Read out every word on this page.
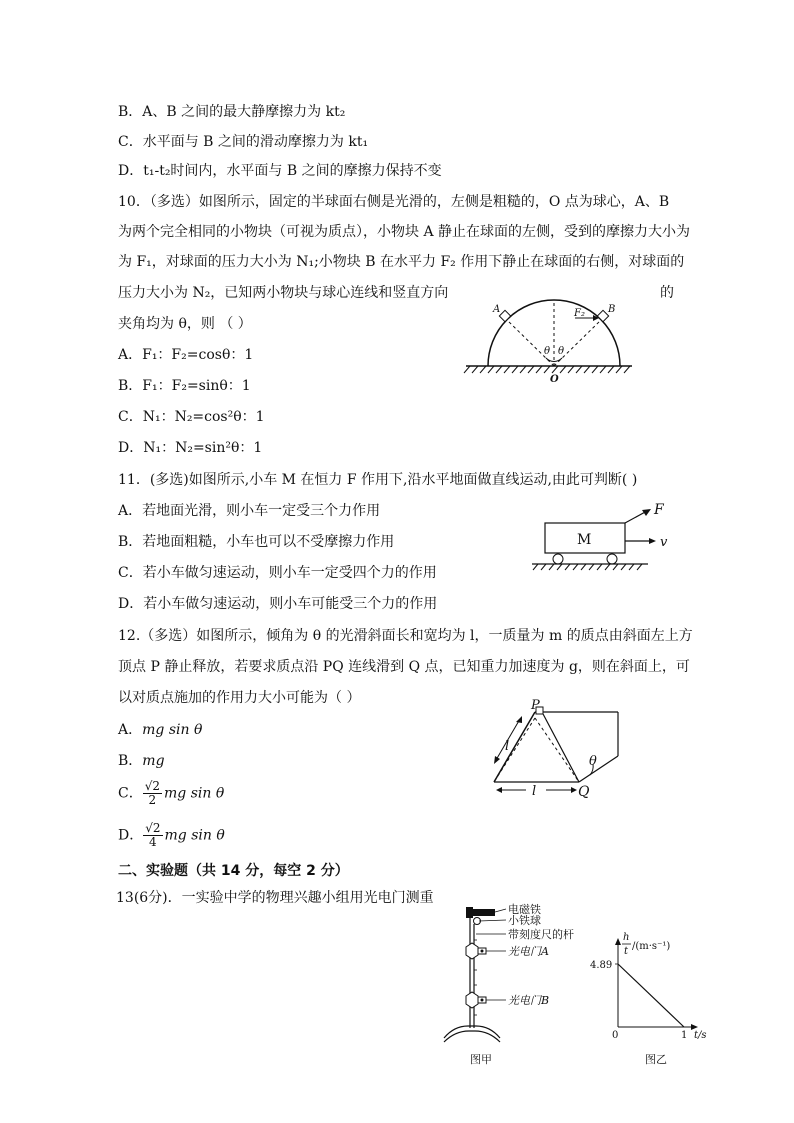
B．A、B 之间的最大静摩擦力为 kt₂
C．水平面与 B 之间的滑动摩擦力为 kt₁
D．t₁-t₂时间内，水平面与 B 之间的摩擦力保持不变
10．（多选）如图所示，固定的半球面右侧是光滑的，左侧是粗糙的，O 点为球心，A、B
为两个完全相同的小物块（可视为质点），小物块 A 静止在球面的左侧，受到的摩擦力大小为
为 F₁，对球面的压力大小为 N₁;小物块 B 在水平力 F₂ 作用下静止在球面的右侧，对球面的
压力大小为 N₂，已知两小物块与球心连线和竖直方向	的
夹角均为 θ，则 （ ）
A．F₁：F₂=cosθ：1
B．F₁：F₂=sinθ：1
C．N₁：N₂=cos²θ：1
D．N₁：N₂=sin²θ：1
A	B
F₂
O
θ θ
11．(多选)如图所示,小车 M 在恒力 F 作用下,沿水平地面做直线运动,由此可判断( )
A．若地面光滑，则小车一定受三个力作用
B．若地面粗糙，小车也可以不受摩擦力作用
C．若小车做匀速运动，则小车一定受四个力的作用
D．若小车做匀速运动，则小车可能受三个力的作用
M
F
v
12.（多选）如图所示，倾角为 θ 的光滑斜面长和宽均为 l，一质量为 m 的质点由斜面左上方
顶点 P 静止释放，若要求质点沿 PQ 连线滑到 Q 点，已知重力加速度为 g，则在斜面上，可
以对质点施加的作用力大小可能为（ ）
A．mg sin θ
B．mg
C． $\frac{√2}{2}$ mg sin θ
D． $\frac{√2}{4}$ mg sin θ
P
Q
l
l
θ
二、实验题（共 14 分，每空 2 分）
13(6分)．一实验中学的物理兴趣小组用光电门测重
电磁铁
小铁球
带刻度尺的杆
光电门A
光电门B
图甲
h
t /(m·s⁻¹)
4.89
0	1 t/s
图乙
